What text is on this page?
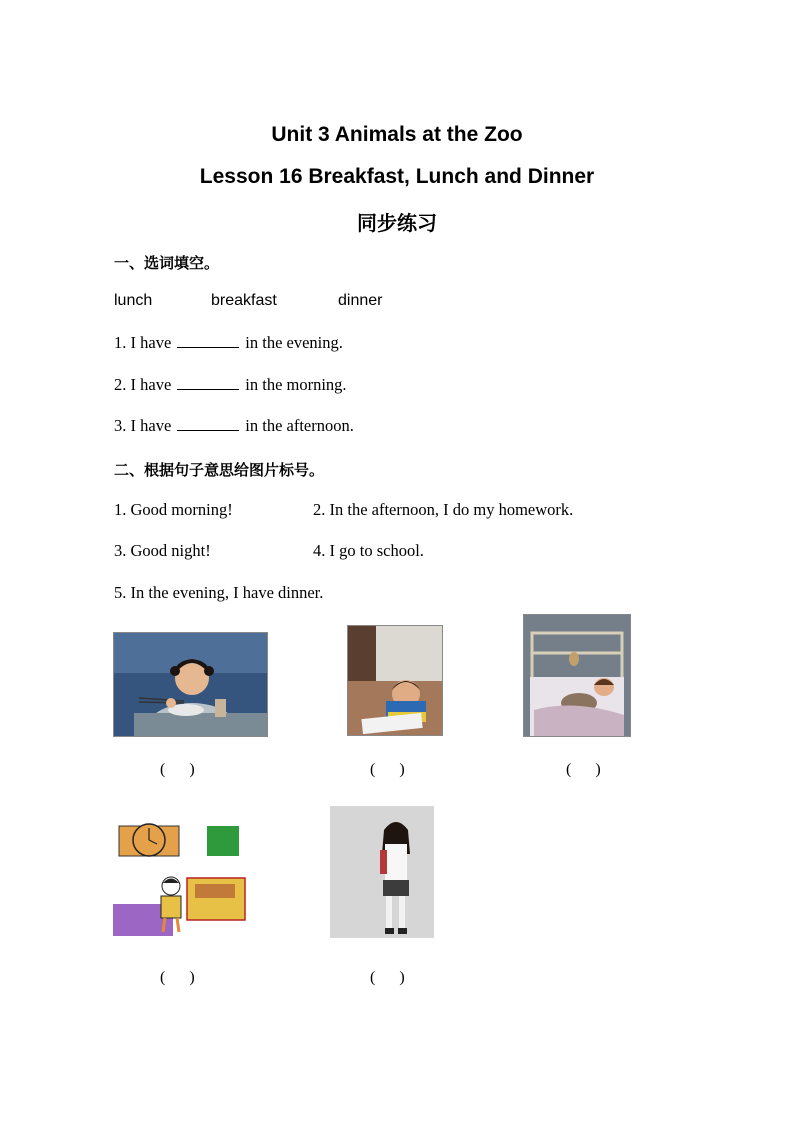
Unit 3 Animals at the Zoo
Lesson 16 Breakfast, Lunch and Dinner
同步练习
一、选词填空。
lunch	breakfast	dinner
1. I have	in the evening.
2. I have	in the morning.
3. I have	in the afternoon.
二、根据句子意思给图片标号。
1. Good morning!	2. In the afternoon, I do my homework.
3. Good night!	4. I go to school.
5. In the evening, I have dinner.
(      )	(      )	(      )
(      )	(      )
